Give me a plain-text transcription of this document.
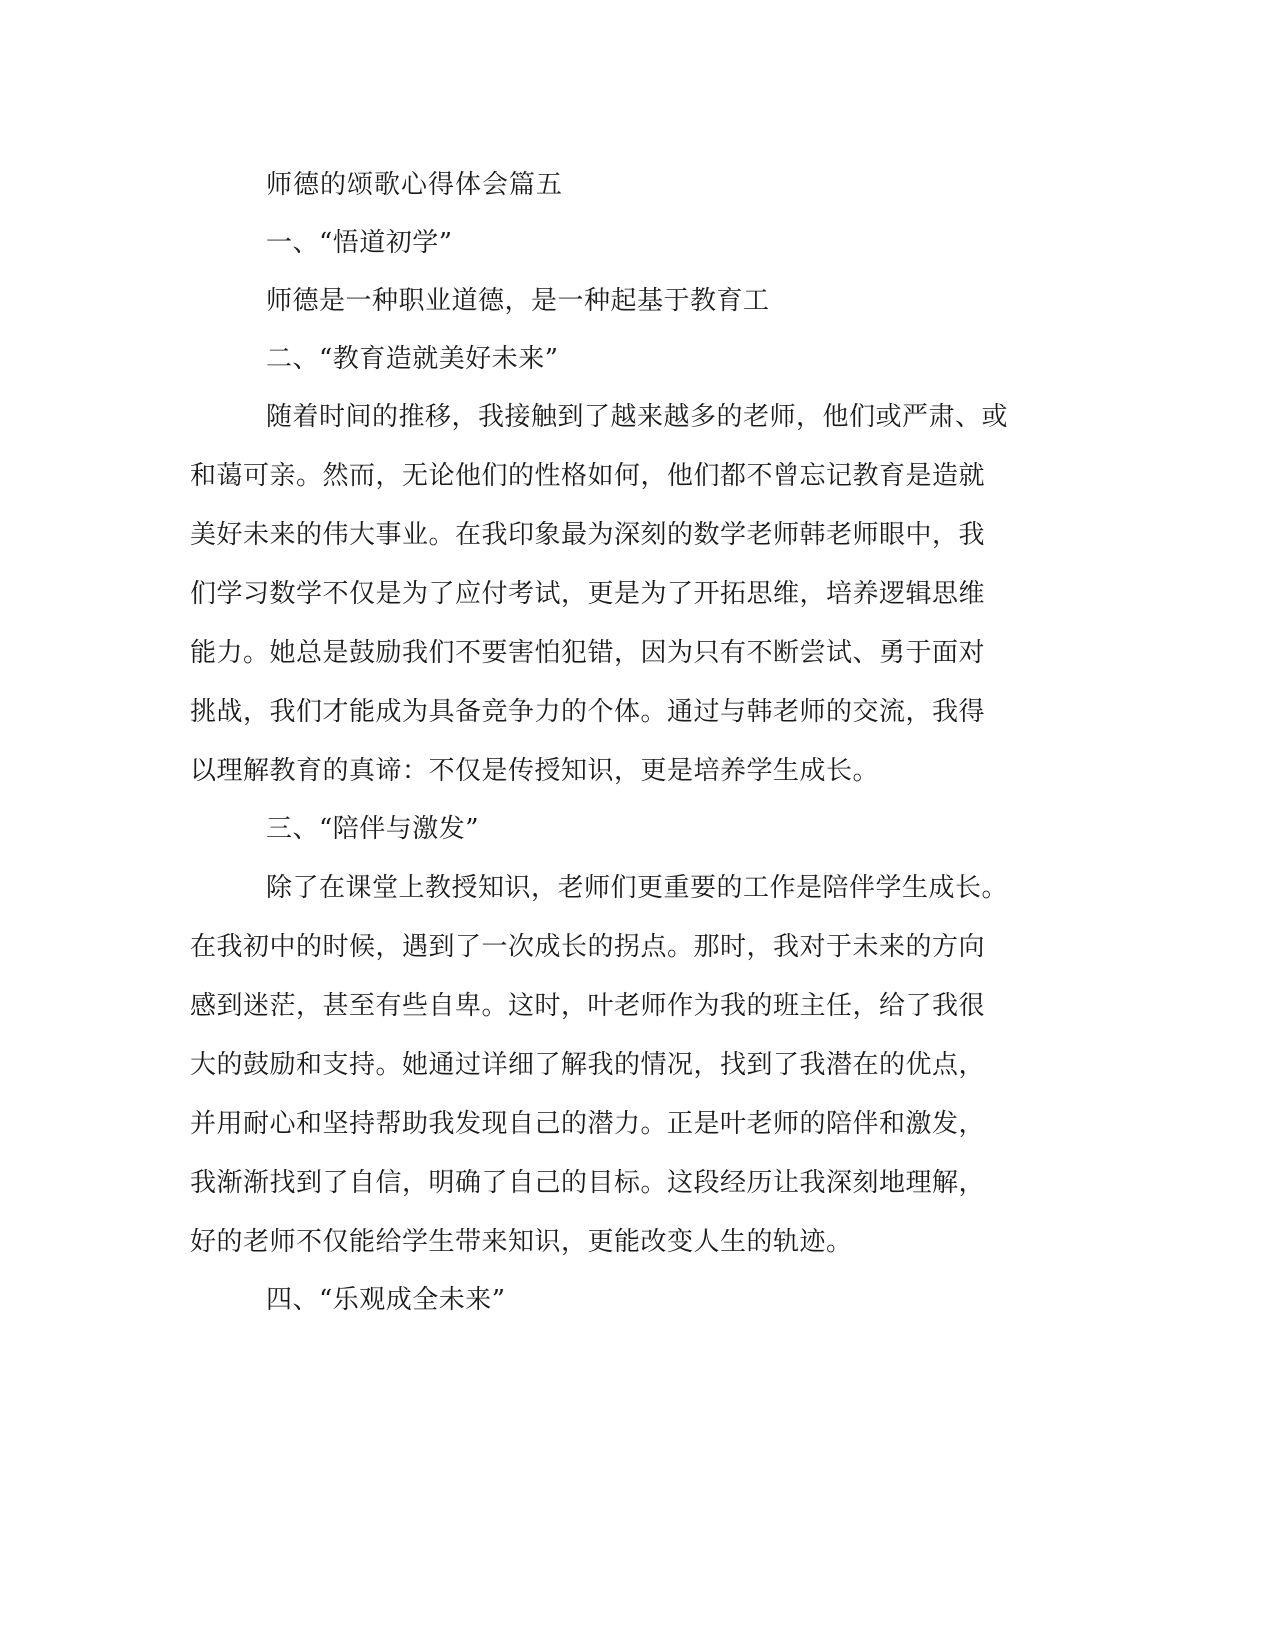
师德的颂歌心得体会篇五

一、“悟道初学”

师德是一种职业道德，是一种起基于教育工

二、“教育造就美好未来”

随着时间的推移，我接触到了越来越多的老师，他们或严肃、或

和蔼可亲。然而，无论他们的性格如何，他们都不曾忘记教育是造就

美好未来的伟大事业。在我印象最为深刻的数学老师韩老师眼中，我

们学习数学不仅是为了应付考试，更是为了开拓思维，培养逻辑思维

能力。她总是鼓励我们不要害怕犯错，因为只有不断尝试、勇于面对

挑战，我们才能成为具备竞争力的个体。通过与韩老师的交流，我得

以理解教育的真谛：不仅是传授知识，更是培养学生成长。

三、“陪伴与激发”

除了在课堂上教授知识，老师们更重要的工作是陪伴学生成长。

在我初中的时候，遇到了一次成长的拐点。那时，我对于未来的方向

感到迷茫，甚至有些自卑。这时，叶老师作为我的班主任，给了我很

大的鼓励和支持。她通过详细了解我的情况，找到了我潜在的优点，

并用耐心和坚持帮助我发现自己的潜力。正是叶老师的陪伴和激发，

我渐渐找到了自信，明确了自己的目标。这段经历让我深刻地理解，

好的老师不仅能给学生带来知识，更能改变人生的轨迹。

四、“乐观成全未来”
